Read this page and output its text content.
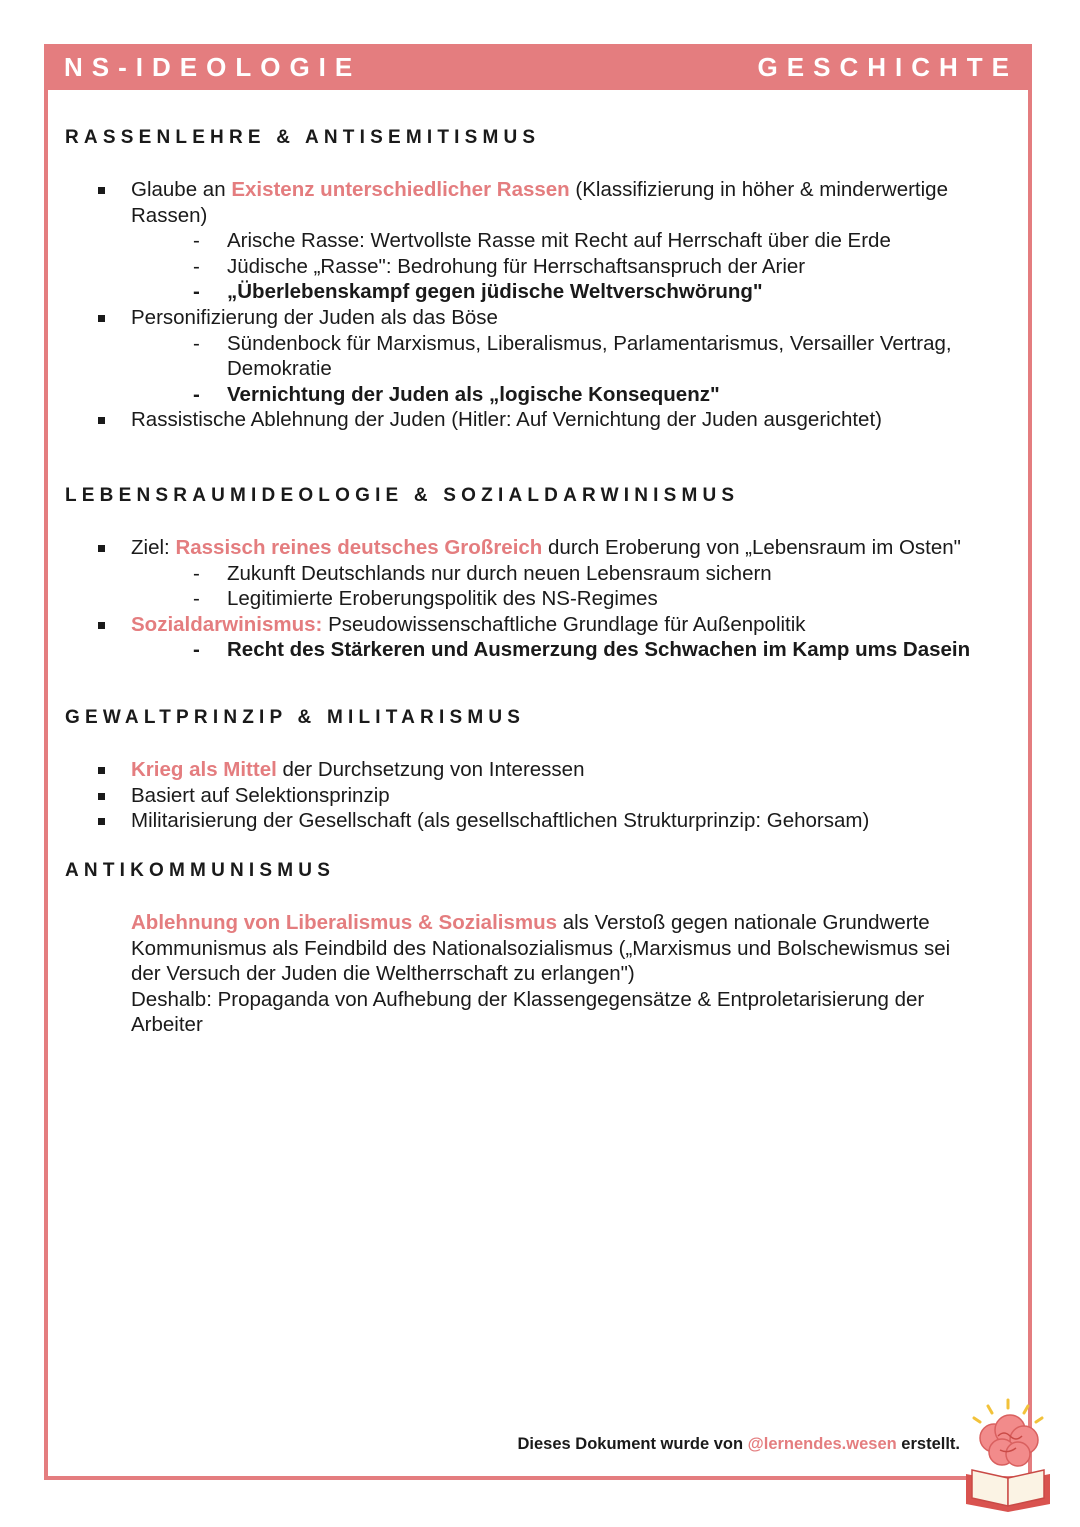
NS-IDEOLOGIE	GESCHICHTE
RASSENLEHRE & ANTISEMITISMUS
Glaube an Existenz unterschiedlicher Rassen (Klassifizierung in höher & minderwertige
Rassen)
- Arische Rasse: Wertvollste Rasse mit Recht auf Herrschaft über die Erde
- Jüdische „Rasse": Bedrohung für Herrschaftsanspruch der Arier
- „Überlebenskampf gegen jüdische Weltverschwörung"
Personifizierung der Juden als das Böse
- Sündenbock für Marxismus, Liberalismus, Parlamentarismus, Versailler Vertrag,
Demokratie
- Vernichtung der Juden als „logische Konsequenz"
Rassistische Ablehnung der Juden (Hitler: Auf Vernichtung der Juden ausgerichtet)
LEBENSRAUMIDEOLOGIE & SOZIALDARWINISMUS
Ziel: Rassisch reines deutsches Großreich durch Eroberung von „Lebensraum im Osten"
- Zukunft Deutschlands nur durch neuen Lebensraum sichern
- Legitimierte Eroberungspolitik des NS-Regimes
Sozialdarwinismus: Pseudowissenschaftliche Grundlage für Außenpolitik
- Recht des Stärkeren und Ausmerzung des Schwachen im Kamp ums Dasein
GEWALTPRINZIP & MILITARISMUS
Krieg als Mittel der Durchsetzung von Interessen
Basiert auf Selektionsprinzip
Militarisierung der Gesellschaft (als gesellschaftlichen Strukturprinzip: Gehorsam)
ANTIKOMMUNISMUS
Ablehnung von Liberalismus & Sozialismus als Verstoß gegen nationale Grundwerte
Kommunismus als Feindbild des Nationalsozialismus („Marxismus und Bolschewismus sei
der Versuch der Juden die Weltherrschaft zu erlangen")
Deshalb: Propaganda von Aufhebung der Klassengegensätze & Entproletarisierung der
Arbeiter
Dieses Dokument wurde von @lernendes.wesen erstellt.
